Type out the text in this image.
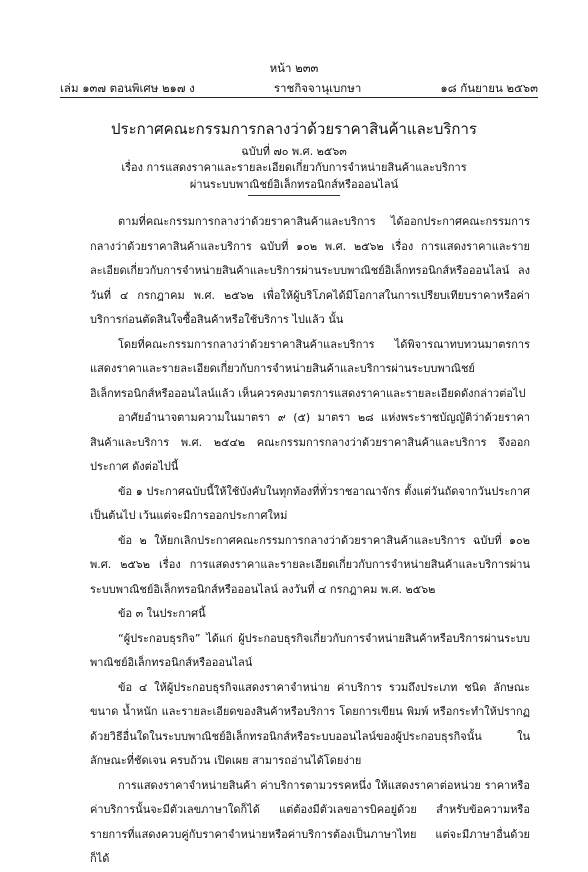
หน้า ๒๓๓
เล่ม ๑๓๗ ตอนพิเศษ ๒๑๗ ง	ราชกิจจานุเบกษา	๑๘ กันยายน ๒๕๖๓
ประกาศคณะกรรมการกลางว่าด้วยราคาสินค้าและบริการ
ฉบับที่ ๗๐ พ.ศ. ๒๕๖๓
เรื่อง การแสดงราคาและรายละเอียดเกี่ยวกับการจำหน่ายสินค้าและบริการ
ผ่านระบบพาณิชย์อิเล็กทรอนิกส์หรือออนไลน์

ตามที่คณะกรรมการกลางว่าด้วยราคาสินค้าและบริการ ได้ออกประกาศคณะกรรมการกลางว่าด้วยราคาสินค้าและบริการ ฉบับที่ ๑๐๒ พ.ศ. ๒๕๖๒ เรื่อง การแสดงราคาและรายละเอียดเกี่ยวกับการจำหน่ายสินค้าและบริการผ่านระบบพาณิชย์อิเล็กทรอนิกส์หรือออนไลน์ ลงวันที่ ๔ กรกฎาคม พ.ศ. ๒๕๖๒ เพื่อให้ผู้บริโภคได้มีโอกาสในการเปรียบเทียบราคาหรือค่าบริการก่อนตัดสินใจซื้อสินค้าหรือใช้บริการ ไปแล้ว นั้น

โดยที่คณะกรรมการกลางว่าด้วยราคาสินค้าและบริการ ได้พิจารณาทบทวนมาตรการแสดงราคาและรายละเอียดเกี่ยวกับการจำหน่ายสินค้าและบริการผ่านระบบพาณิชย์อิเล็กทรอนิกส์หรือออนไลน์แล้ว เห็นควรคงมาตรการแสดงราคาและรายละเอียดดังกล่าวต่อไป

อาศัยอำนาจตามความในมาตรา ๙ (๕) มาตรา ๒๘ แห่งพระราชบัญญัติว่าด้วยราคาสินค้าและบริการ พ.ศ. ๒๕๔๒ คณะกรรมการกลางว่าด้วยราคาสินค้าและบริการ จึงออกประกาศ ดังต่อไปนี้

ข้อ ๑ ประกาศฉบับนี้ให้ใช้บังคับในทุกท้องที่ทั่วราชอาณาจักร ตั้งแต่วันถัดจากวันประกาศเป็นต้นไป เว้นแต่จะมีการออกประกาศใหม่

ข้อ ๒ ให้ยกเลิกประกาศคณะกรรมการกลางว่าด้วยราคาสินค้าและบริการ ฉบับที่ ๑๐๒ พ.ศ. ๒๕๖๒ เรื่อง การแสดงราคาและรายละเอียดเกี่ยวกับการจำหน่ายสินค้าและบริการผ่านระบบพาณิชย์อิเล็กทรอนิกส์หรือออนไลน์ ลงวันที่ ๔ กรกฎาคม พ.ศ. ๒๕๖๒

ข้อ ๓ ในประกาศนี้

“ผู้ประกอบธุรกิจ” ได้แก่ ผู้ประกอบธุรกิจเกี่ยวกับการจำหน่ายสินค้าหรือบริการผ่านระบบพาณิชย์อิเล็กทรอนิกส์หรือออนไลน์

ข้อ ๔ ให้ผู้ประกอบธุรกิจแสดงราคาจำหน่าย ค่าบริการ รวมถึงประเภท ชนิด ลักษณะ ขนาด น้ำหนัก และรายละเอียดของสินค้าหรือบริการ โดยการเขียน พิมพ์ หรือกระทำให้ปรากฏด้วยวิธีอื่นใดในระบบพาณิชย์อิเล็กทรอนิกส์หรือระบบออนไลน์ของผู้ประกอบธุรกิจนั้น ในลักษณะที่ชัดเจน ครบถ้วน เปิดเผย สามารถอ่านได้โดยง่าย

การแสดงราคาจำหน่ายสินค้า ค่าบริการตามวรรคหนึ่ง ให้แสดงราคาต่อหน่วย ราคาหรือค่าบริการนั้นจะมีตัวเลขภาษาใดก็ได้ แต่ต้องมีตัวเลขอารบิคอยู่ด้วย สำหรับข้อความหรือรายการที่แสดงควบคู่กับราคาจำหน่ายหรือค่าบริการต้องเป็นภาษาไทย แต่จะมีภาษาอื่นด้วยก็ได้
